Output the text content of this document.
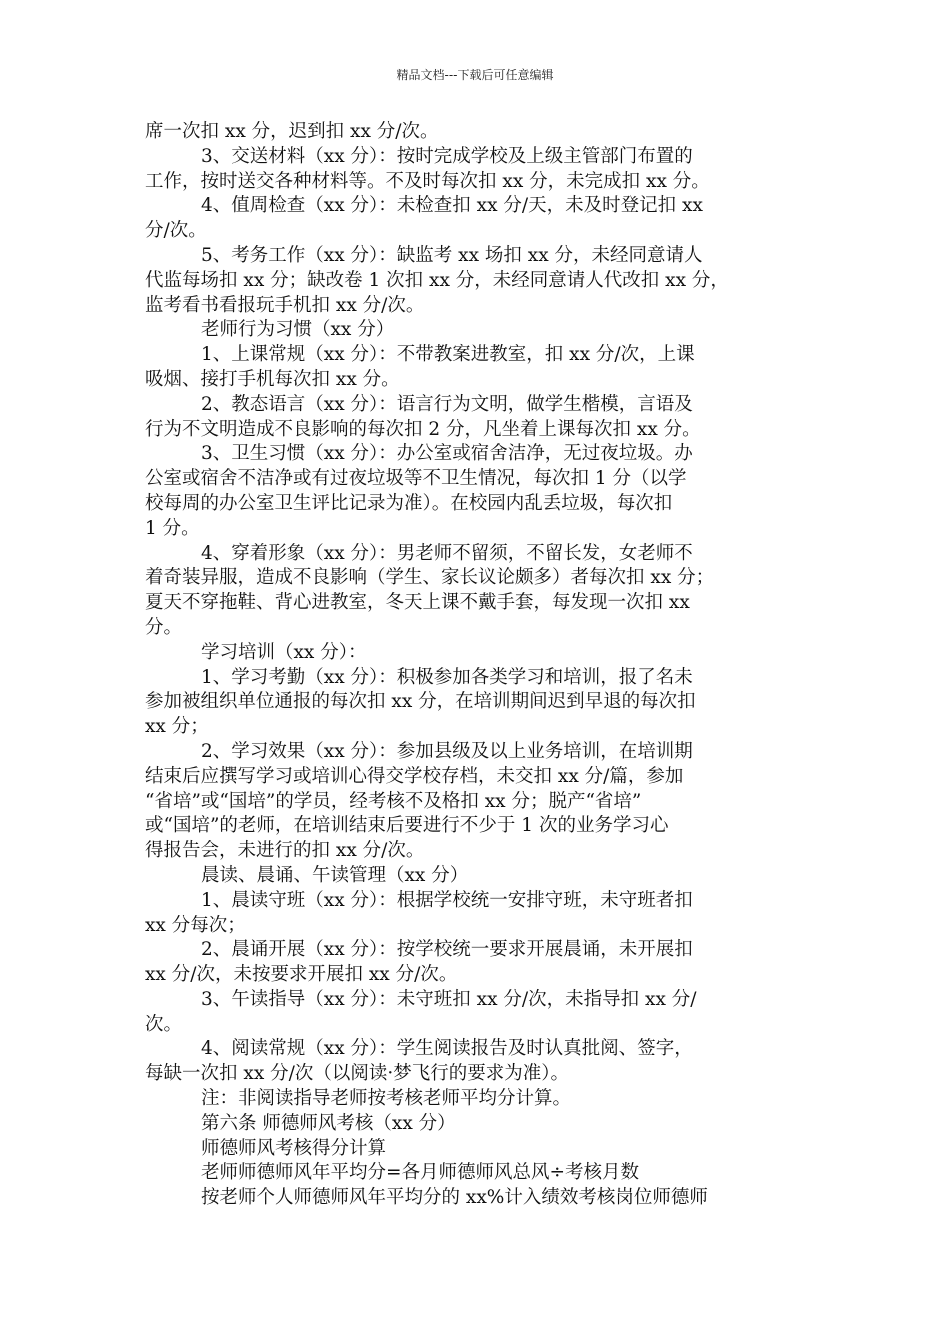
精品文档---下载后可任意编辑
席一次扣 xx 分，迟到扣 xx 分/次。
3、交送材料（xx 分）：按时完成学校及上级主管部门布置的
工作，按时送交各种材料等。不及时每次扣 xx 分，未完成扣 xx 分。
4、值周检查（xx 分）：未检查扣 xx 分/天，未及时登记扣 xx
分/次。
5、考务工作（xx 分）：缺监考 xx 场扣 xx 分，未经同意请人
代监每场扣 xx 分；缺改卷 1 次扣 xx 分，未经同意请人代改扣 xx 分，
监考看书看报玩手机扣 xx 分/次。
老师行为习惯（xx 分）
1、上课常规（xx 分）：不带教案进教室，扣 xx 分/次，上课
吸烟、接打手机每次扣 xx 分。
2、教态语言（xx 分）：语言行为文明，做学生楷模，言语及
行为不文明造成不良影响的每次扣 2 分，凡坐着上课每次扣 xx 分。
3、卫生习惯（xx 分）：办公室或宿舍洁净，无过夜垃圾。办
公室或宿舍不洁净或有过夜垃圾等不卫生情况，每次扣 1 分（以学
校每周的办公室卫生评比记录为准）。在校园内乱丢垃圾，每次扣
1 分。
4、穿着形象（xx 分）：男老师不留须，不留长发，女老师不
着奇装异服，造成不良影响（学生、家长议论颇多）者每次扣 xx 分；
夏天不穿拖鞋、背心进教室，冬天上课不戴手套，每发现一次扣 xx
分。
学习培训（xx 分）：
1、学习考勤（xx 分）：积极参加各类学习和培训，报了名未
参加被组织单位通报的每次扣 xx 分，在培训期间迟到早退的每次扣
xx 分；
2、学习效果（xx 分）：参加县级及以上业务培训，在培训期
结束后应撰写学习或培训心得交学校存档，未交扣 xx 分/篇，参加
“省培”或“国培”的学员，经考核不及格扣 xx 分；脱产“省培”
或“国培”的老师，在培训结束后要进行不少于 1 次的业务学习心
得报告会，未进行的扣 xx 分/次。
晨读、晨诵、午读管理（xx 分）
1、晨读守班（xx 分）：根据学校统一安排守班，未守班者扣
xx 分每次；
2、晨诵开展（xx 分）：按学校统一要求开展晨诵，未开展扣
xx 分/次，未按要求开展扣 xx 分/次。
3、午读指导（xx 分）：未守班扣 xx 分/次，未指导扣 xx 分/
次。
4、阅读常规（xx 分）：学生阅读报告及时认真批阅、签字，
每缺一次扣 xx 分/次（以阅读·梦飞行的要求为准）。
注：非阅读指导老师按考核老师平均分计算。
第六条 师德师风考核（xx 分）
师德师风考核得分计算
老师师德师风年平均分=各月师德师风总风÷考核月数
按老师个人师德师风年平均分的 xx%计入绩效考核岗位师德师
